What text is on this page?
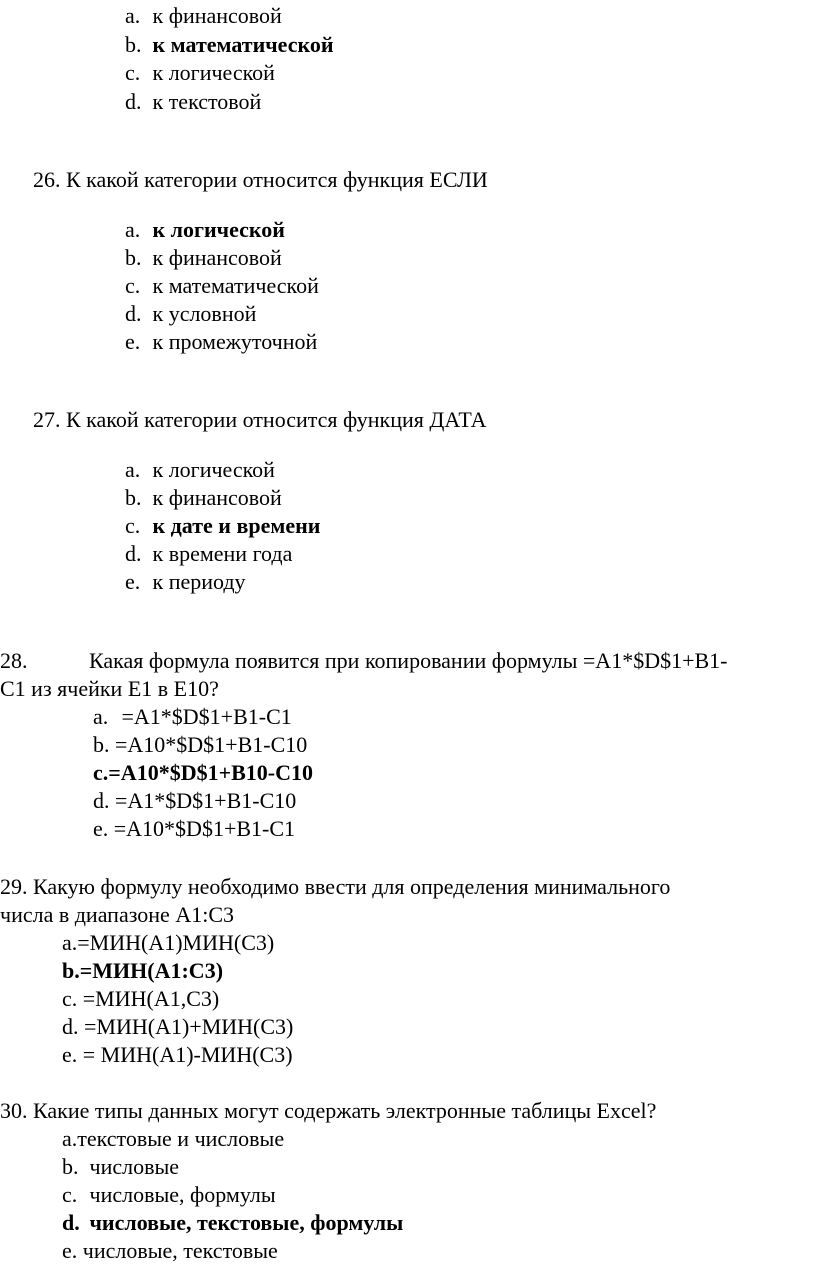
a. к финансовой
b. к математической
c. к логической
d. к текстовой
26. К какой категории относится функция ЕСЛИ
a. к логической
b. к финансовой
c. к математической
d. к условной
e. к промежуточной
27. К какой категории относится функция ДАТА
a. к логической
b. к финансовой
c. к дате и времени
d. к времени года
e. к периоду
28.	Какая формула появится при копировании формулы =A1*$D$1+B1-
C1 из ячейки E1 в E10?
a. =A1*$D$1+B1-C1
b. =A10*$D$1+B1-C10
c.=A10*$D$1+B10-C10
d. =A1*$D$1+B1-C10
e. =A10*$D$1+B1-C1
29. Какую формулу необходимо ввести для определения минимального
числа в диапазоне А1:С3
a.=МИН(А1)МИН(С3)
b.=МИН(А1:С3)
c. =МИН(А1,С3)
d. =МИН(А1)+МИН(С3)
e. = МИН(А1)-МИН(С3)
30. Какие типы данных могут содержать электронные таблицы Excel?
a.текстовые и числовые
b. числовые
c. числовые, формулы
d. числовые, текстовые, формулы
e. числовые, текстовые
